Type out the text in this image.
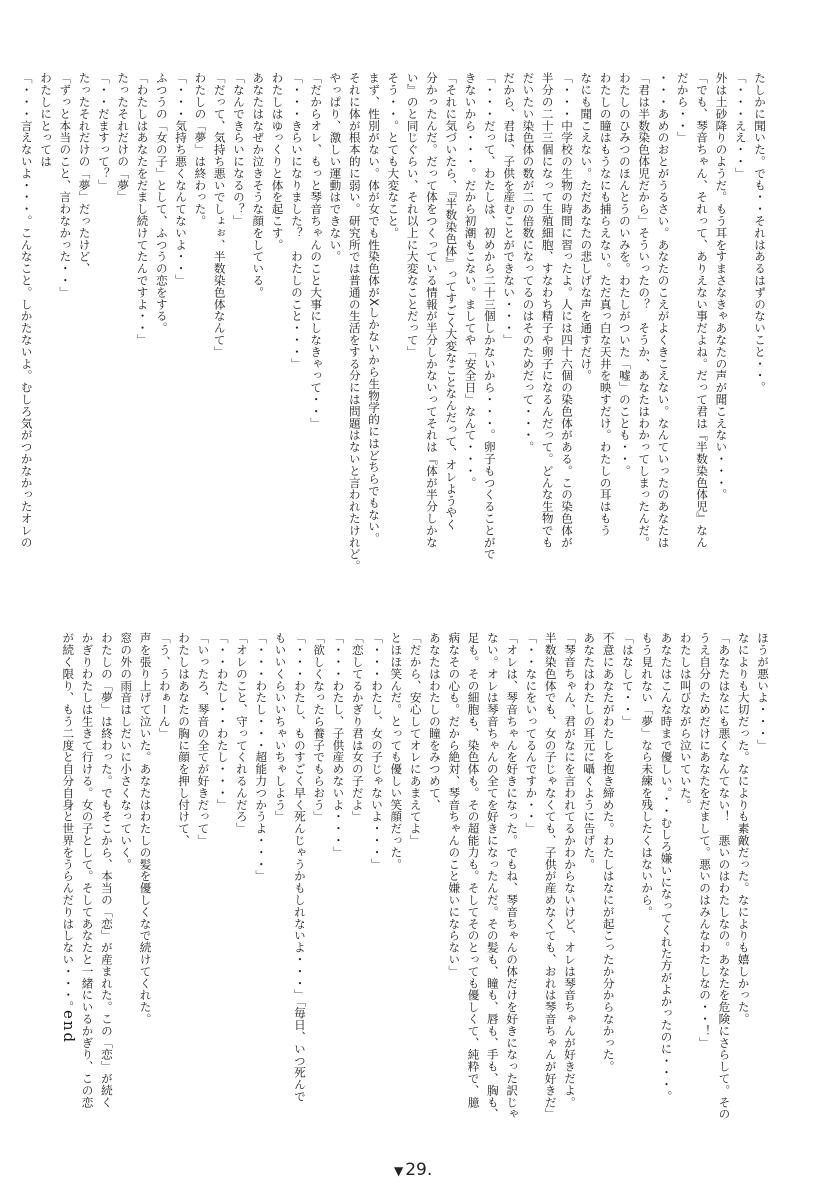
たしかに聞いた。でも・・それはあるはずのないこと・・。

「・・・ええ・・」

外は土砂降りのようだ。もう耳をすまさなきゃあなたの声が聞こえない・・・。

「でも、琴音ちゃん、それって、ありえない事だよね。だって君は『半数染色体児』なん

だから・・」

・・・あめのおとがうるさい。あなたのこえがよくきこえない。なんていったのあなたは

「君は半数染色体児だから」そういったの？　そうか、あなたはわかってしまったんだ。

わたしのひみつのほんとうのいみを。わたしがついた「嘘」のことも・・。

わたしの瞳はもうなにも捕らえない。ただ真っ白な天井を映すだけ。わたしの耳はもう

なにも聞こえない。ただあなたの悲しげな声を通すだけ。

「・・・中学校の生物の時間に習ったよ。人には四十六個の染色体がある。この染色体が

半分の二十三個になって生殖細胞、すなわち精子や卵子になるんだって。どんな生物でも

だいたい染色体の数が二の倍数になってるのはそのためだって・・・。

だから、君は、子供を産むことができない・・・」

「・・・だって、わたしは、初めから二十三個しかないから・・・。卵子もつくることがで

きないから・・・。だから初潮もこない。ましてや「安全日」なんて・・・。

「それに気づいたら、『半数染色体』ってすごく大変なことなんだって、オレようやく

分かったんだ。だって体をつくっている情報が半分しかないってそれは『体が半分しかな

い』のと同じぐらい、それ以上に大変なことだって」

そう・・。とても大変なこと。

まず、性別がない。体が女でも性染色体がXしかないから生物学的にはどちらでもない。

それに体が根本的に弱い。研究所では普通の生活をする分には問題はないと言われたけれど。

やっぱり、激しい運動はできない。

「だからオレ、もっと琴音ちゃんのこと大事にしなきゃって・・」

「・・・きらいになりました？　わたしのこと・・・」

わたしはゆっくりと体を起こす。

あなたはなぜか泣きそうな顔をしている。

「なんできらいになるの？」

「だって、気持ち悪いでしょぉ、半数染色体なんて」

わたしの「夢」は終わった。

「・・・気持ち悪くなんてないよ・・」

ふつうの「女の子」として、ふつうの恋をする。

「わたしはあなたをだまし続けてたんですよ・・」

たったそれだけの「夢」

「・・だますって？」

たったそれだけの「夢」だったけど、

「ずっと本当のこと、言わなかった・・」

わたしにとっては

「・・・言えないよ・・・。こんなこと。しかたないよ。むしろ気がつかなかったオレの

ほうが悪いよ・・・」

なによりも大切だった。なによりも素敵だった。なによりも嬉しかった。

「あなたはなにも悪くなんてない！　悪いのはわたしなの。あなたを危険にさらして。その

うえ自分のためだけにあなたをだまして。悪いのはみんなわたしなの・・！」

わたしは叫びながら泣いていた。

あなたはこんな時まで優しい。・・むしろ嫌いになってくれた方がよかったのに・・・。

もう見れない「夢」なら未練を残したくはないから。

「はなして・・」

不意にあなたがわたしを抱き締めた。わたしはなにが起こったか分からなかった。

あなたはわたしの耳元に囁くように告げた。

「琴音ちゃん、君がなにを言われてるかわからないけど、オレは琴音ちゃんが好きだよ。

半数染色体でも、女の子じゃなくても、子供が産めなくても、おれは琴音ちゃんが好きだ」

「・・なにをいってるんですか・・」

「オレは、琴音ちゃんを好きになった。でもね、琴音ちゃんの体だけを好きになった訳じゃ

ない。オレは琴音ちゃんの全てを好きになったんだ。その髪も、瞳も、唇も、手も、胸も、

足も。その細胞も、染色体も。その超能力も。そしてそのとっても優しくて、純粋で、臆

病なその心も。だから絶対、琴音ちゃんのこと嫌いにならない」

あなたはわたしの瞳をみつめて、

「だから、安心してオレにあまえてよ」

とほほ笑んだ。とっても優しい笑顔だった。

「・・・わたし、女の子じゃないよ・・・」

「恋してるかぎり君は女の子だよ」

「・・・わたし、子供産めないよ・・・」

「欲しくなったら養子でもらおう」

「・・・わたし、ものすごく早く死んじゃうかもしれないよ・・・」「毎日、いつ死んで

もいいくらいいちゃいちゃしよう」

「・・・わたし・・・超能力つかうよ・・・」

「オレのこと、守ってくれるんだろ」

「・・わたし・・わたし・・・」

「いったろ、琴音の全てが好きだって」

わたしはあなたの胸に顔を押し付けて、

「う、うわぁーん」

声を張り上げて泣いた。あなたはわたしの髪を優しくなで続けてくれた。

窓の外の雨音はしだいに小さくなっていく。

わたしの「夢」は終わった。でもそこから、本当の「恋」が産まれた。この「恋」が続く

かぎりわたしは生きて行ける。女の子として。そしてあなたと一緒にいるかぎり、この恋

が続く限り、もう二度と自分自身と世界をうらんだりはしない・・・。

end
▼ 29.
